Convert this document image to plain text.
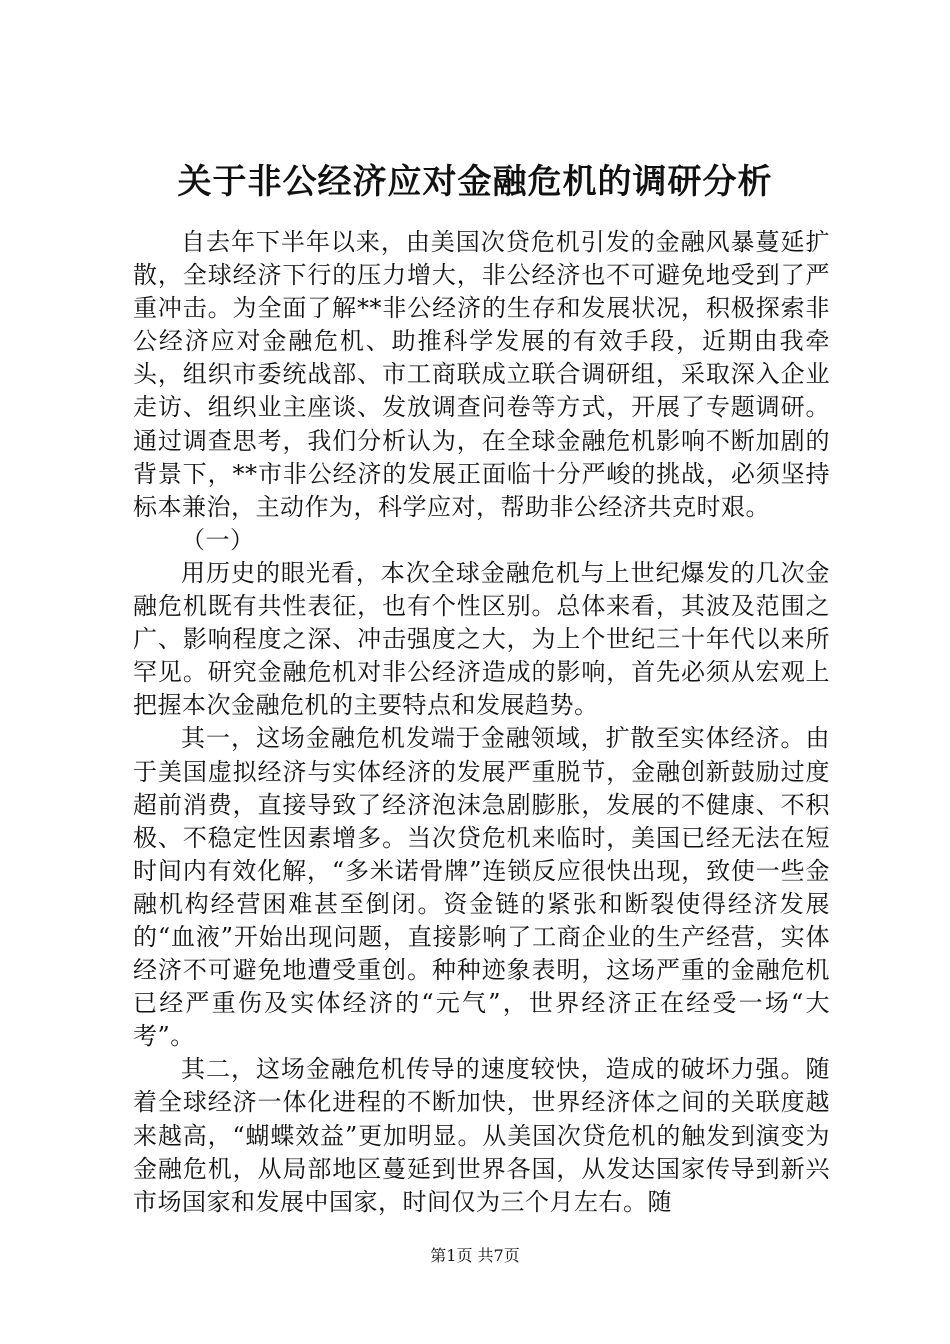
关于非公经济应对金融危机的调研分析

自去年下半年以来，由美国次贷危机引发的金融风暴蔓延扩散，全球经济下行的压力增大，非公经济也不可避免地受到了严重冲击。为全面了解**非公经济的生存和发展状况，积极探索非公经济应对金融危机、助推科学发展的有效手段，近期由我牵头，组织市委统战部、市工商联成立联合调研组，采取深入企业走访、组织业主座谈、发放调查问卷等方式，开展了专题调研。通过调查思考，我们分析认为，在全球金融危机影响不断加剧的背景下，**市非公经济的发展正面临十分严峻的挑战，必须坚持标本兼治，主动作为，科学应对，帮助非公经济共克时艰。

（一）

用历史的眼光看，本次全球金融危机与上世纪爆发的几次金融危机既有共性表征，也有个性区别。总体来看，其波及范围之广、影响程度之深、冲击强度之大，为上个世纪三十年代以来所罕见。研究金融危机对非公经济造成的影响，首先必须从宏观上把握本次金融危机的主要特点和发展趋势。

其一，这场金融危机发端于金融领域，扩散至实体经济。由于美国虚拟经济与实体经济的发展严重脱节，金融创新鼓励过度超前消费，直接导致了经济泡沫急剧膨胀，发展的不健康、不积极、不稳定性因素增多。当次贷危机来临时，美国已经无法在短时间内有效化解，“多米诺骨牌”连锁反应很快出现，致使一些金融机构经营困难甚至倒闭。资金链的紧张和断裂使得经济发展的“血液”开始出现问题，直接影响了工商企业的生产经营，实体经济不可避免地遭受重创。种种迹象表明，这场严重的金融危机已经严重伤及实体经济的“元气”，世界经济正在经受一场“大考”。

其二，这场金融危机传导的速度较快，造成的破坏力强。随着全球经济一体化进程的不断加快，世界经济体之间的关联度越来越高，“蝴蝶效益”更加明显。从美国次贷危机的触发到演变为金融危机，从局部地区蔓延到世界各国，从发达国家传导到新兴市场国家和发展中国家，时间仅为三个月左右。随

第1页 共7页
